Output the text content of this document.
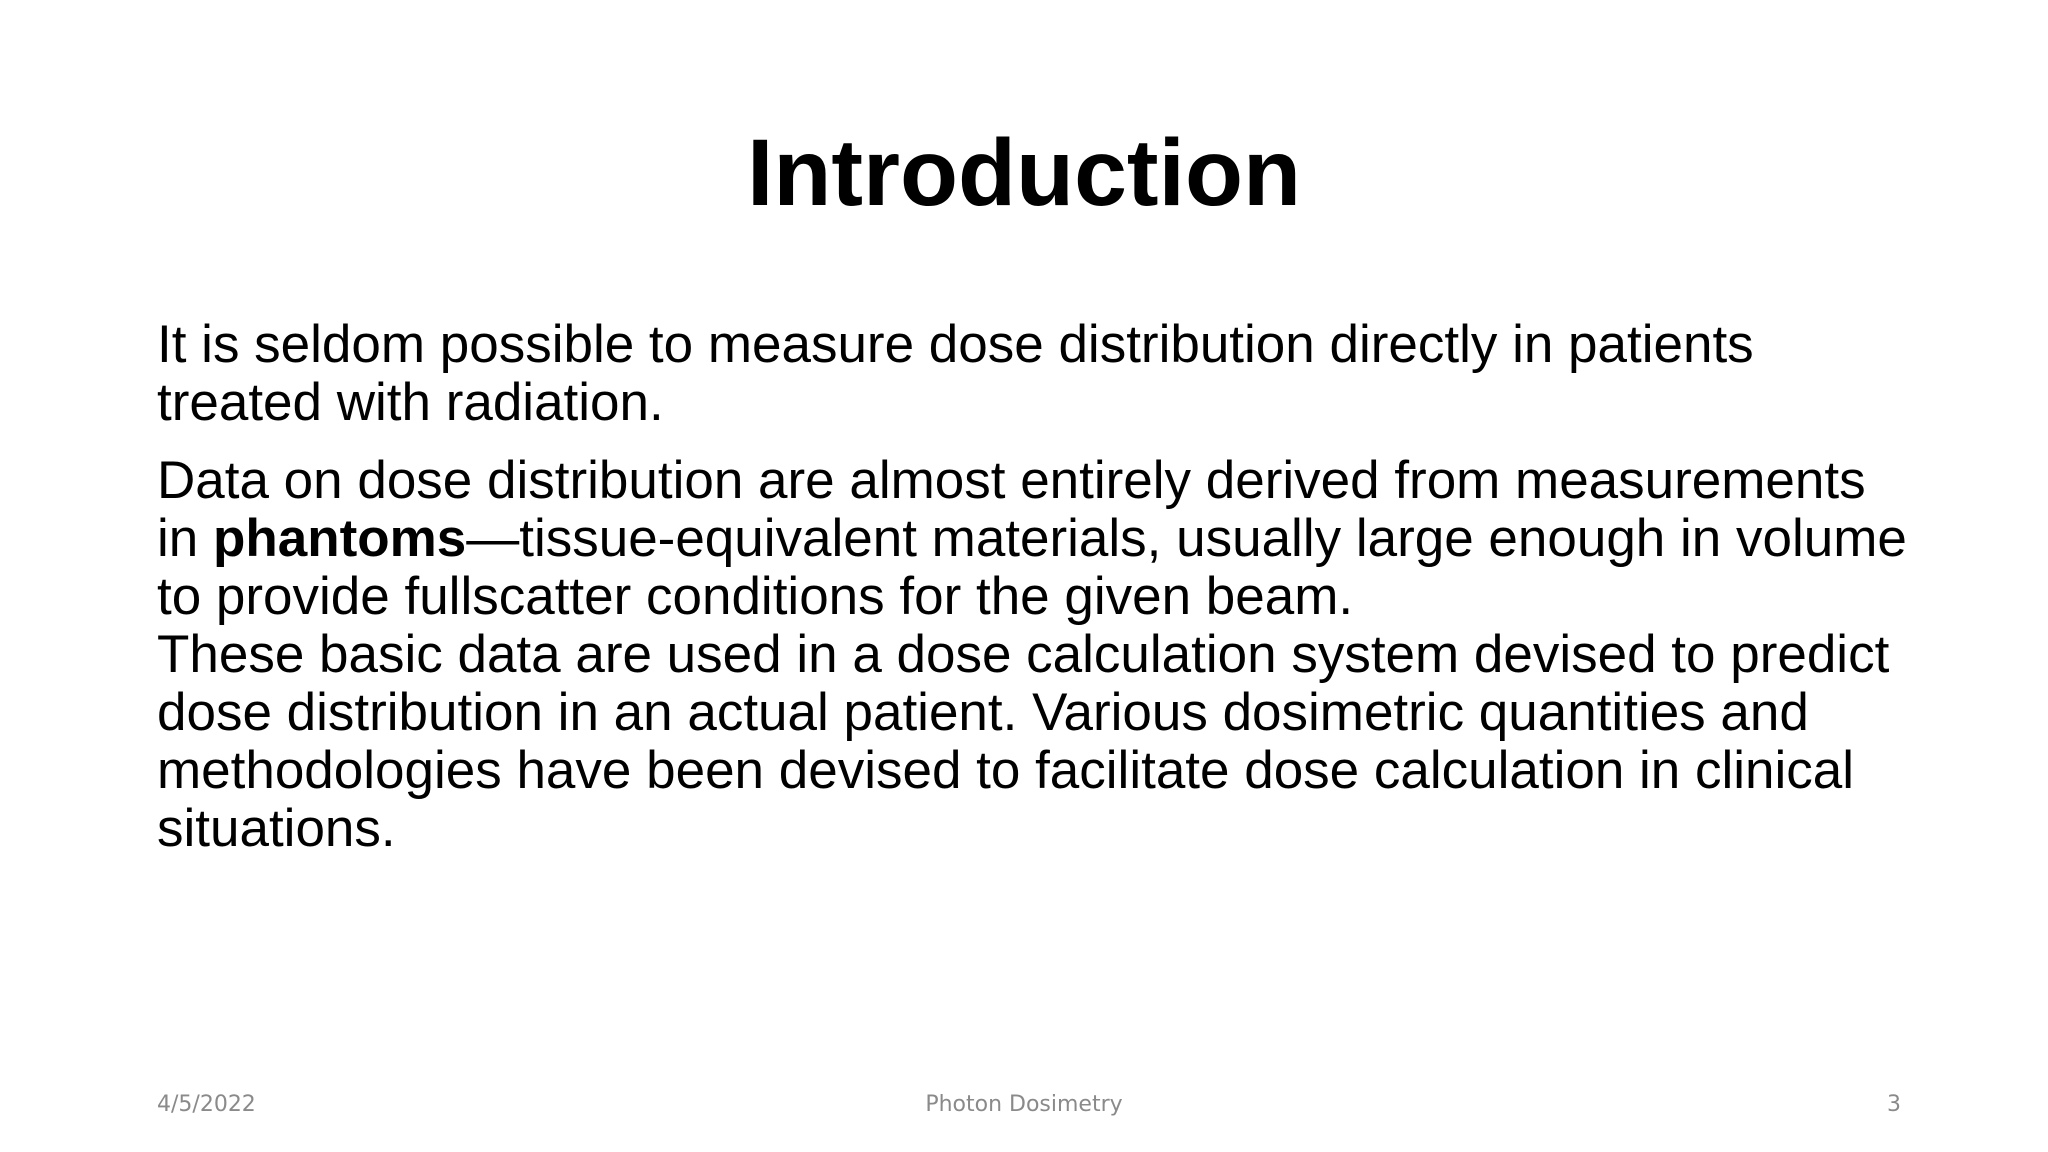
Introduction

It is seldom possible to measure dose distribution directly in patients treated with radiation.

Data on dose distribution are almost entirely derived from measurements in phantoms—tissue-equivalent materials, usually large enough in volume to provide fullscatter conditions for the given beam.

These basic data are used in a dose calculation system devised to predict dose distribution in an actual patient. Various dosimetric quantities and methodologies have been devised to facilitate dose calculation in clinical situations.

4/5/2022	Photon Dosimetry	3
